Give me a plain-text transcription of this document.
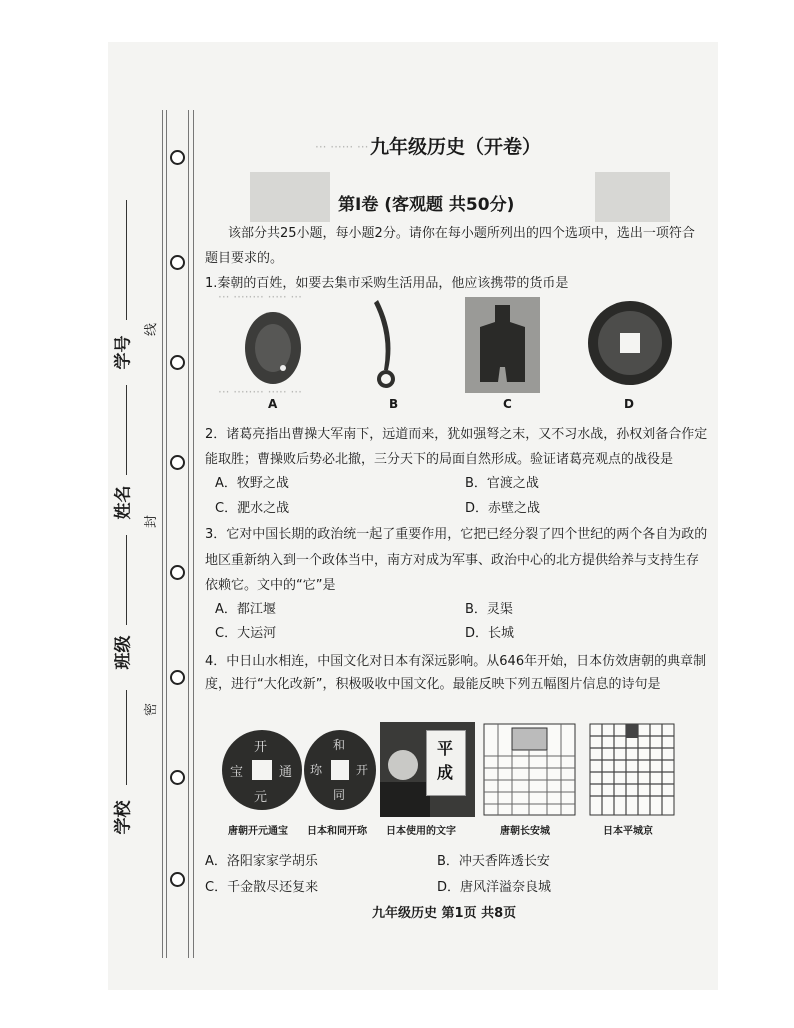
··· ······ ···
··· ········ ····· ···
··· ········ ····· ···
学校
班级
姓名
学号
密
封
线
九年级历史（开卷）
第Ⅰ卷 (客观题 共50分)
该部分共25小题，每小题2分。请你在每小题所列出的四个选项中，选出一项符合
题目要求的。
1.秦朝的百姓，如要去集市采购生活用品，他应该携带的货币是
A	B	C	D
2．诸葛亮指出曹操大军南下，远道而来，犹如强弩之末，又不习水战，孙权刘备合作定
能取胜；曹操败后势必北撤，三分天下的局面自然形成。验证诸葛亮观点的战役是
A．牧野之战	B．官渡之战
C．淝水之战	D．赤壁之战
3．它对中国长期的政治统一起了重要作用，它把已经分裂了四个世纪的两个各自为政的
地区重新纳入到一个政体当中，南方对成为军事、政治中心的北方提供给养与支持生存
依赖它。文中的“它”是
A．都江堰	B．灵渠
C．大运河	D．长城
4．中日山水相连，中国文化对日本有深远影响。从646年开始，日本仿效唐朝的典章制
度，进行“大化改新”，积极吸收中国文化。最能反映下列五幅图片信息的诗句是
开
元
通
宝
和
同
开
珎
平成
唐朝开元通宝 日本和同开珎 日本使用的文字	唐朝长安城	日本平城京
A．洛阳家家学胡乐	B．冲天香阵透长安
C．千金散尽还复来	D．唐风洋溢奈良城
九年级历史 第1页 共8页
